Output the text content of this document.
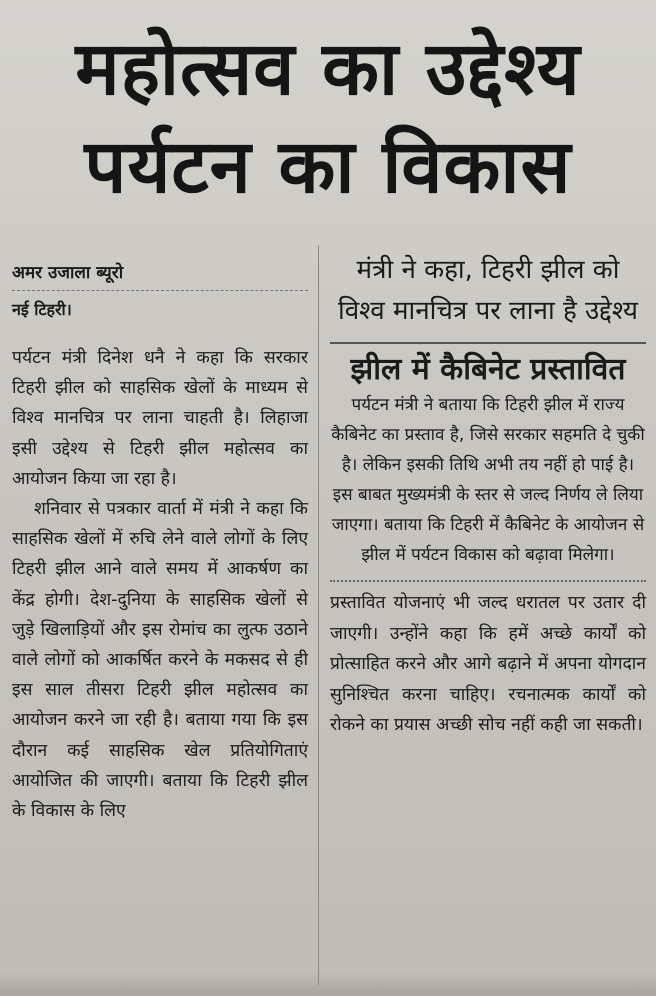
महोत्सव का उद्देश्य
पर्यटन का विकास
अमर उजाला ब्यूरो
नई टिहरी।

पर्यटन मंत्री दिनेश धनै ने कहा कि सरकार टिहरी झील को साहसिक खेलों के माध्यम से विश्व मानचित्र पर लाना चाहती है। लिहाजा इसी उद्देश्य से टिहरी झील महोत्सव का आयोजन किया जा रहा है।

शनिवार से पत्रकार वार्ता में मंत्री ने कहा कि साहसिक खेलों में रुचि लेने वाले लोगों के लिए टिहरी झील आने वाले समय में आकर्षण का केंद्र होगी। देश-दुनिया के साहसिक खेलों से जुड़े खिलाड़ियों और इस रोमांच का लुत्फ उठाने वाले लोगों को आकर्षित करने के मकसद से ही इस साल तीसरा टिहरी झील महोत्सव का आयोजन करने जा रही है। बताया गया कि इस दौरान कई साहसिक खेल प्रतियोगिताएं आयोजित की जाएगी। बताया कि टिहरी झील के विकास के लिए

मंत्री ने कहा, टिहरी झील को विश्व मानचित्र पर लाना है उद्देश्य

झील में कैबिनेट प्रस्तावित

पर्यटन मंत्री ने बताया कि टिहरी झील में राज्य कैबिनेट का प्रस्ताव है, जिसे सरकार सहमति दे चुकी है। लेकिन इसकी तिथि अभी तय नहीं हो पाई है। इस बाबत मुख्यमंत्री के स्तर से जल्द निर्णय ले लिया जाएगा। बताया कि टिहरी में कैबिनेट के आयोजन से झील में पर्यटन विकास को बढ़ावा मिलेगा।

प्रस्तावित योजनाएं भी जल्द धरातल पर उतार दी जाएगी। उन्होंने कहा कि हमें अच्छे कार्यों को प्रोत्साहित करने और आगे बढ़ाने में अपना योगदान सुनिश्चित करना चाहिए। रचनात्मक कार्यों को रोकने का प्रयास अच्छी सोच नहीं कही जा सकती।
